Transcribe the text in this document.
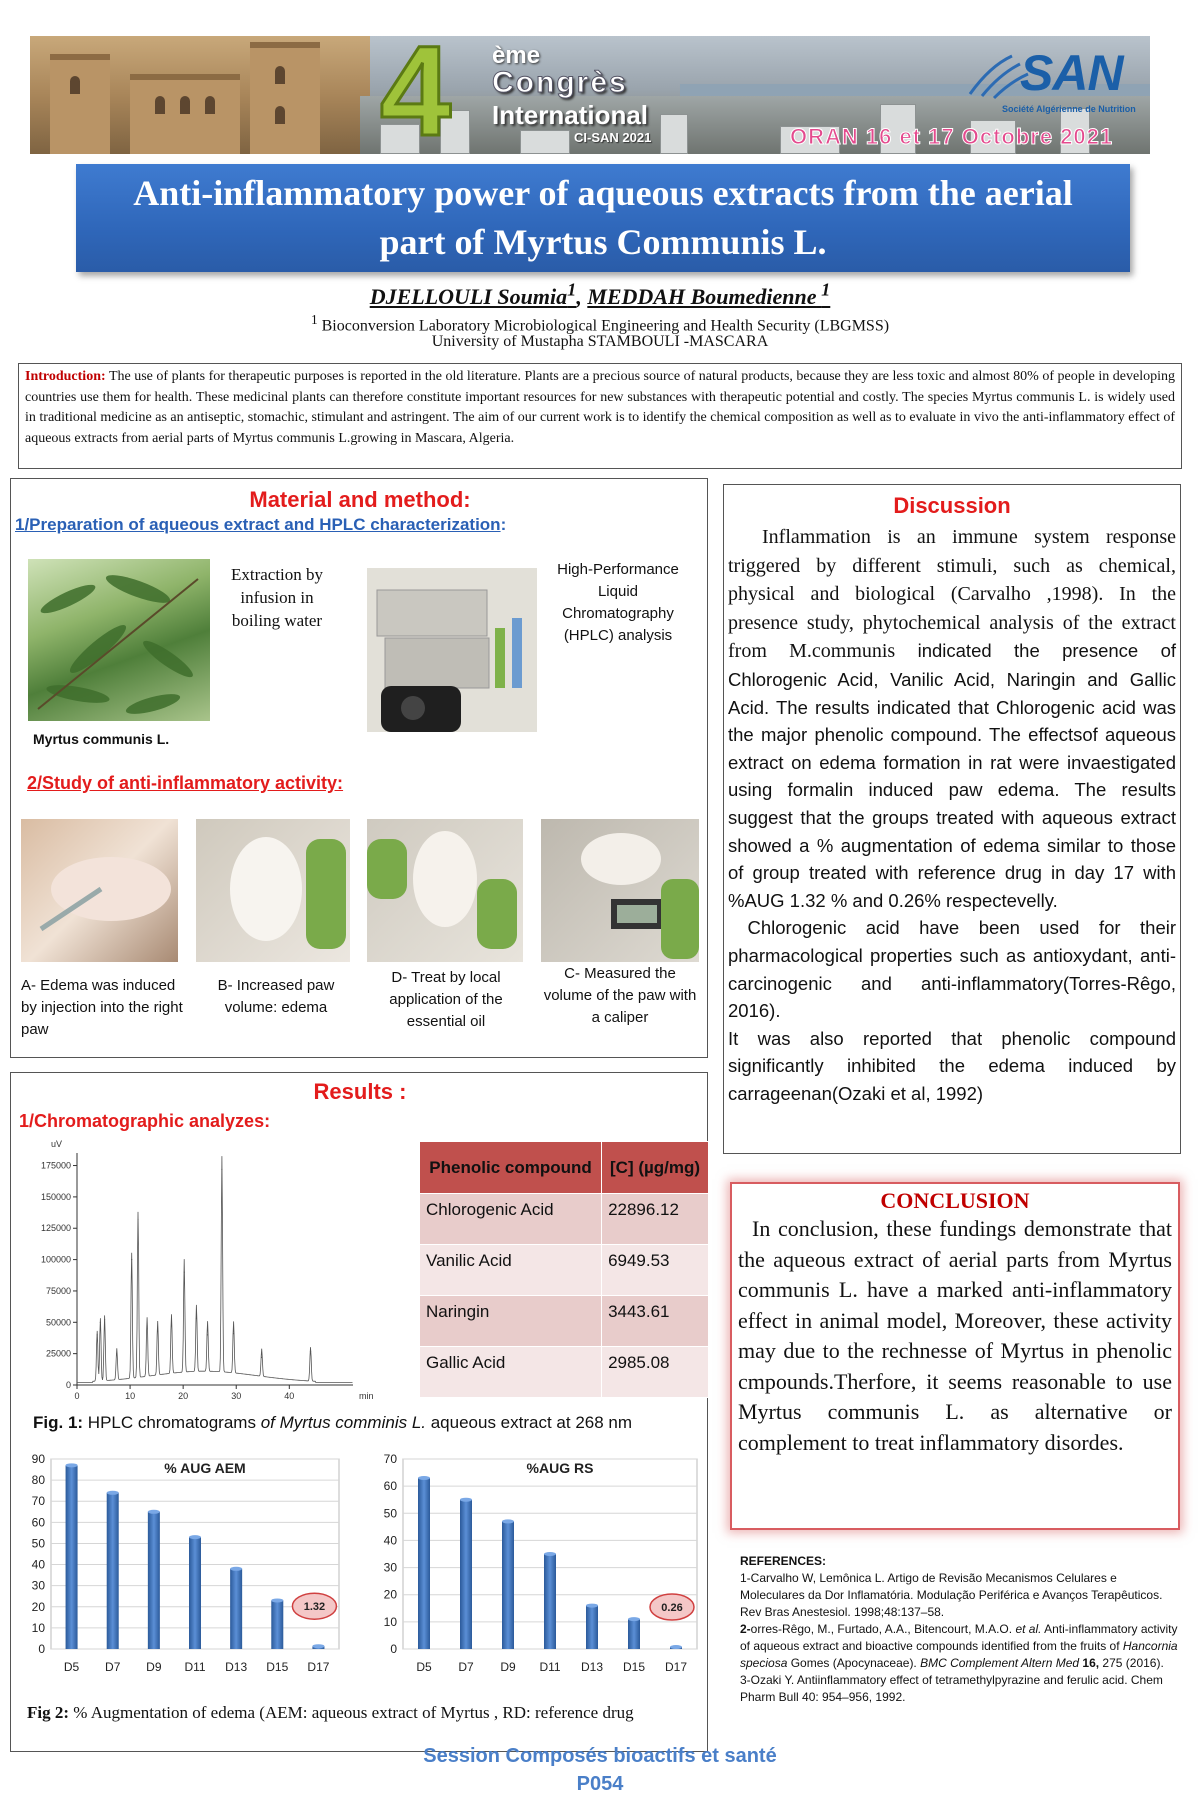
4 ème
Congrès
International
CI-SAN 2021
SAN
Société Algérienne de Nutrition
ORAN 16 et 17 Octobre 2021
Anti-inflammatory power of aqueous extracts from the aerial part of Myrtus Communis L.
DJELLOULI Soumia$^1$, MEDDAH Boumedienne $^1$
$^1$ Bioconversion Laboratory Microbiological Engineering and Health Security (LBGMSS)
University of Mustapha STAMBOULI -MASCARA
Introduction: The use of plants for therapeutic purposes is reported in the old literature. Plants are a precious source of natural products, because they are less toxic and almost 80% of people in developing countries use them for health. These medicinal plants can therefore constitute important resources for new substances with therapeutic potential and costly. The species Myrtus communis L. is widely used in traditional medicine as an antiseptic, stomachic, stimulant and astringent. The aim of our current work is to identify the chemical composition as well as to evaluate in vivo the anti-inflammatory effect of aqueous extracts from aerial parts of Myrtus communis L.growing in Mascara, Algeria.
Material and method:
1/Preparation of aqueous extract and HPLC characterization:
Myrtus communis L.
Extraction by infusion in boiling water
High-Performance Liquid Chromatography (HPLC) analysis
2/Study of anti-inflammatory activity:
A- Edema was induced by injection into the right paw
B- Increased paw volume: edema
D- Treat by local application of the essential oil
C- Measured the volume of the paw with a caliper
Results :
1/Chromatographic analyzes:
uV
min
0
25000
50000
75000
100000
125000
150000
175000
0	10	20	30	40
Phenolic compound	[C] (µg/mg)
Chlorogenic Acid	22896.12
Vanilic Acid	6949.53
Naringin	3443.61
Gallic Acid	2985.08
Fig. 1: HPLC chromatograms of Myrtus comminis L. aqueous extract at 268 nm
0
10
20
30
40
50
60
70
80
90
% AUG AEM
D5 D7 D9 D11 D13 D15 D17
1.32
0
10
20
30
40
50
60
70
%AUG RS
D5 D7 D9 D11 D13 D15 D17
0.26
Fig 2: % Augmentation of edema (AEM: aqueous extract of Myrtus , RD: reference drug
Discussion
Inflammation is an immune system response triggered by different stimuli, such as chemical, physical and biological (Carvalho ,1998). In the presence study, phytochemical analysis of the extract from M.communis indicated the presence of Chlorogenic Acid, Vanilic Acid, Naringin and Gallic Acid. The results indicated that Chlorogenic acid was the major phenolic compound. The effectsof aqueous extract on edema formation in rat were invaestigated using formalin induced paw edema. The results suggest that the groups treated with aqueous extract showed a % augmentation of edema similar to those of group treated with reference drug in day 17 with %AUG 1.32 % and 0.26% respectevelly.
Chlorogenic acid have been used for their pharmacological properties such as antioxydant, anti-carcinogenic and anti-inflammatory(Torres-Rêgo, 2016).
It was also reported that phenolic compound significantly inhibited the edema induced by carrageenan(Ozaki et al, 1992)
CONCLUSION
In conclusion, these fundings demonstrate that the aqueous extract of aerial parts from Myrtus communis L. have a marked anti-inflammatory effect in animal model, Moreover, these activity may due to the rechnesse of Myrtus in phenolic cmpounds.Therfore, it seems reasonable to use Myrtus communis L. as alternative or complement to treat inflammatory disordes.
REFERENCES:
1-Carvalho W, Lemônica L. Artigo de Revisão Mecanismos Celulares e Moleculares da Dor Inflamatória. Modulação Periférica e Avanços Terapêuticos. Rev Bras Anestesiol. 1998;48:137–58.
2-orres-Rêgo, M., Furtado, A.A., Bitencourt, M.A.O. et al. Anti-inflammatory activity of aqueous extract and bioactive compounds identified from the fruits of Hancornia speciosa Gomes (Apocynaceae). BMC Complement Altern Med 16, 275 (2016).
3-Ozaki Y. Antiinflammatory effect of tetramethylpyrazine and ferulic acid. Chem Pharm Bull 40: 954–956, 1992.
Session Composés bioactifs et santé
P054
